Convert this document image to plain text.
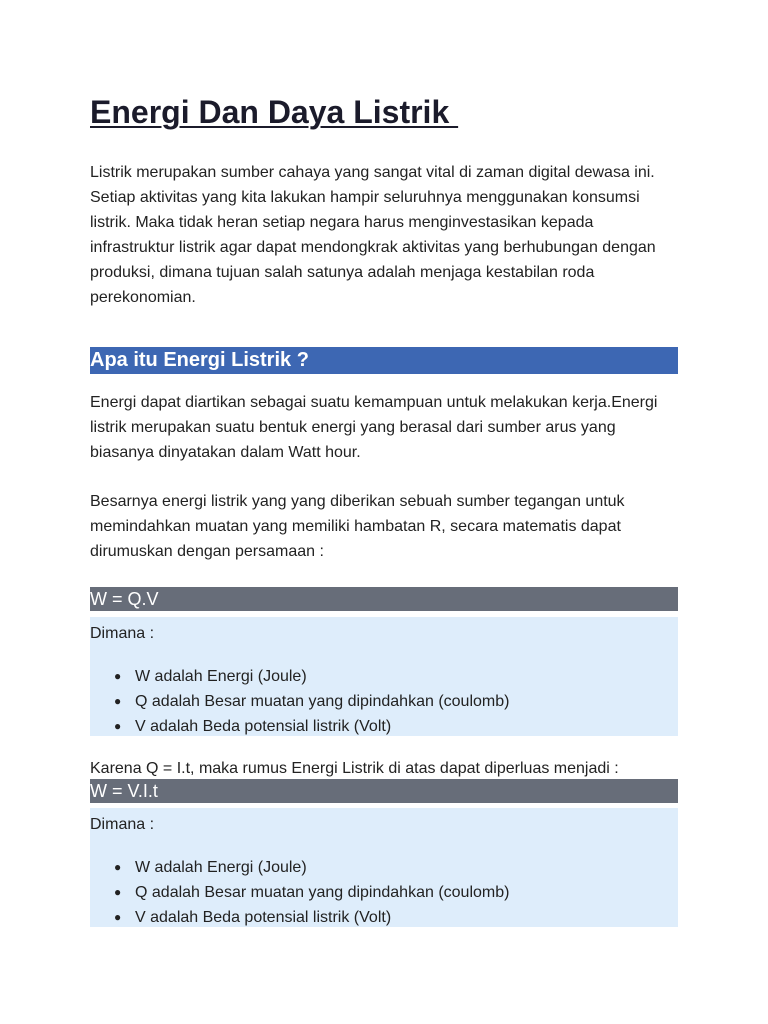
Energi Dan Daya Listrik

Listrik merupakan sumber cahaya yang sangat vital di zaman digital dewasa ini. Setiap aktivitas yang kita lakukan hampir seluruhnya menggunakan konsumsi listrik. Maka tidak heran setiap negara harus menginvestasikan kepada infrastruktur listrik agar dapat mendongkrak aktivitas yang berhubungan dengan produksi, dimana tujuan salah satunya adalah menjaga kestabilan roda perekonomian.

Apa itu Energi Listrik ?

Energi dapat diartikan sebagai suatu kemampuan untuk melakukan kerja.Energi listrik merupakan suatu bentuk energi yang berasal dari sumber arus yang biasanya dinyatakan dalam Watt hour.

Besarnya energi listrik yang yang diberikan sebuah sumber tegangan untuk memindahkan muatan yang memiliki hambatan R, secara matematis dapat dirumuskan dengan persamaan :

W = Q.V
Dimana :
● W adalah Energi (Joule)
● Q adalah Besar muatan yang dipindahkan (coulomb)
● V adalah Beda potensial listrik (Volt)

Karena Q = I.t, maka rumus Energi Listrik di atas dapat diperluas menjadi :

W = V.I.t
Dimana :
● W adalah Energi (Joule)
● Q adalah Besar muatan yang dipindahkan (coulomb)
● V adalah Beda potensial listrik (Volt)
